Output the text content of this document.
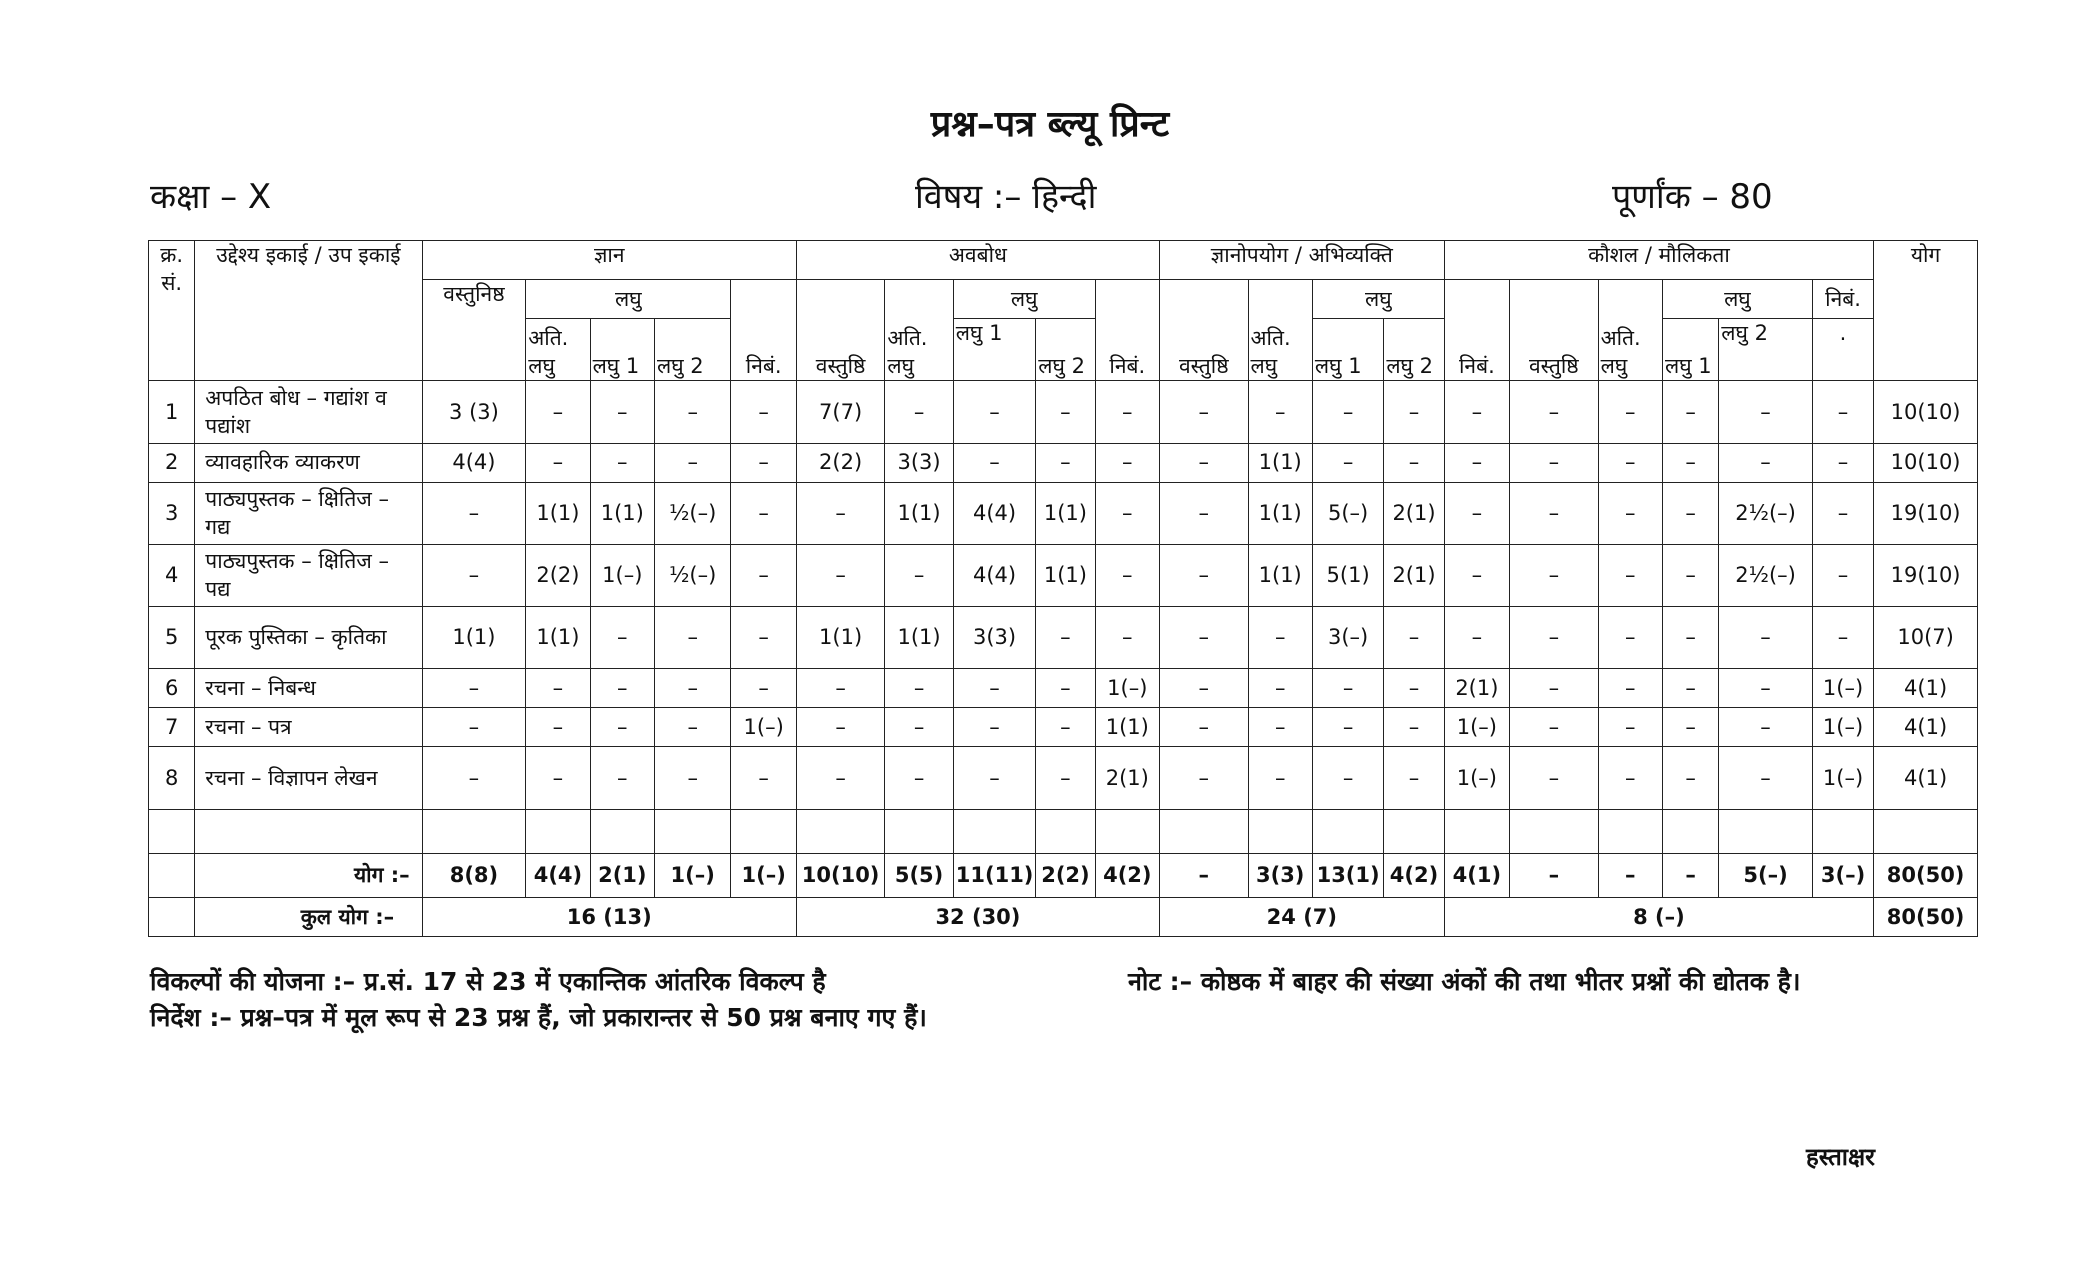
प्रश्न–पत्र ब्ल्यू प्रिन्ट
कक्षा – X	विषय :– हिन्दी	पूर्णांक – 80
क्र. सं.	उद्देश्य इकाई / उप इकाई	ज्ञान					अवबोध					ज्ञानोपयोग / अभिव्यक्ति				कौशल / मौलिकता						योग
		वस्तुनिष्ठ	लघु			निबं.	वस्तुष्ठि	अति. लघु	लघु		निबं.	वस्तुष्ठि	अति. लघु	लघु		निबं.	वस्तुष्ठि	अति. लघु	लघु		निबं.	
			अति. लघु	लघु 1	लघु 2				लघु 1	लघु 2				लघु 1	लघु 2				लघु 1	लघु 2	.	
1	अपठित बोध – गद्यांश व पद्यांश	3 (3)	–	–	–	–	7(7)	–	–	–	–	–	–	–	–	–	–	–	–	–	–	10(10)
2	व्यावहारिक व्याकरण	4(4)	–	–	–	–	2(2)	3(3)	–	–	–	–	1(1)	–	–	–	–	–	–	–	–	10(10)
3	पाठ्यपुस्तक – क्षितिज – गद्य	–	1(1)	1(1)	½(–)	–	–	1(1)	4(4)	1(1)	–	–	1(1)	5(–)	2(1)	–	–	–	–	2½(–)	–	19(10)
4	पाठ्यपुस्तक – क्षितिज – पद्य	–	2(2)	1(–)	½(–)	–	–	–	4(4)	1(1)	–	–	1(1)	5(1)	2(1)	–	–	–	–	2½(–)	–	19(10)
5	पूरक पुस्तिका – कृतिका	1(1)	1(1)	–	–	–	1(1)	1(1)	3(3)	–	–	–	–	3(–)	–	–	–	–	–	–	–	10(7)
6	रचना – निबन्ध	–	–	–	–	–	–	–	–	–	1(–)	–	–	–	–	2(1)	–	–	–	–	1(–)	4(1)
7	रचना – पत्र	–	–	–	–	1(–)	–	–	–	–	1(1)	–	–	–	–	1(–)	–	–	–	–	1(–)	4(1)
8	रचना – विज्ञापन लेखन	–	–	–	–	–	–	–	–	–	2(1)	–	–	–	–	1(–)	–	–	–	–	1(–)	4(1)

	योग :–	8(8)	4(4)	2(1)	1(–)	1(–)	10(10)	5(5)	11(11)	2(2)	4(2)	–	3(3)	13(1)	4(2)	4(1)	–	–	–	5(–)	3(–)	80(50)
	कुल योग :–	16 (13)					32 (30)					24 (7)				8 (–)						80(50)
विकल्पों की योजना :– प्र.सं. 17 से 23 में एकान्तिक आंतरिक विकल्प है	नोट :– कोष्ठक में बाहर की संख्या अंकों की तथा भीतर प्रश्नों की द्योतक है।
निर्देश :– प्रश्न–पत्र में मूल रूप से 23 प्रश्न हैं, जो प्रकारान्तर से 50 प्रश्न बनाए गए हैं।
हस्ताक्षर
